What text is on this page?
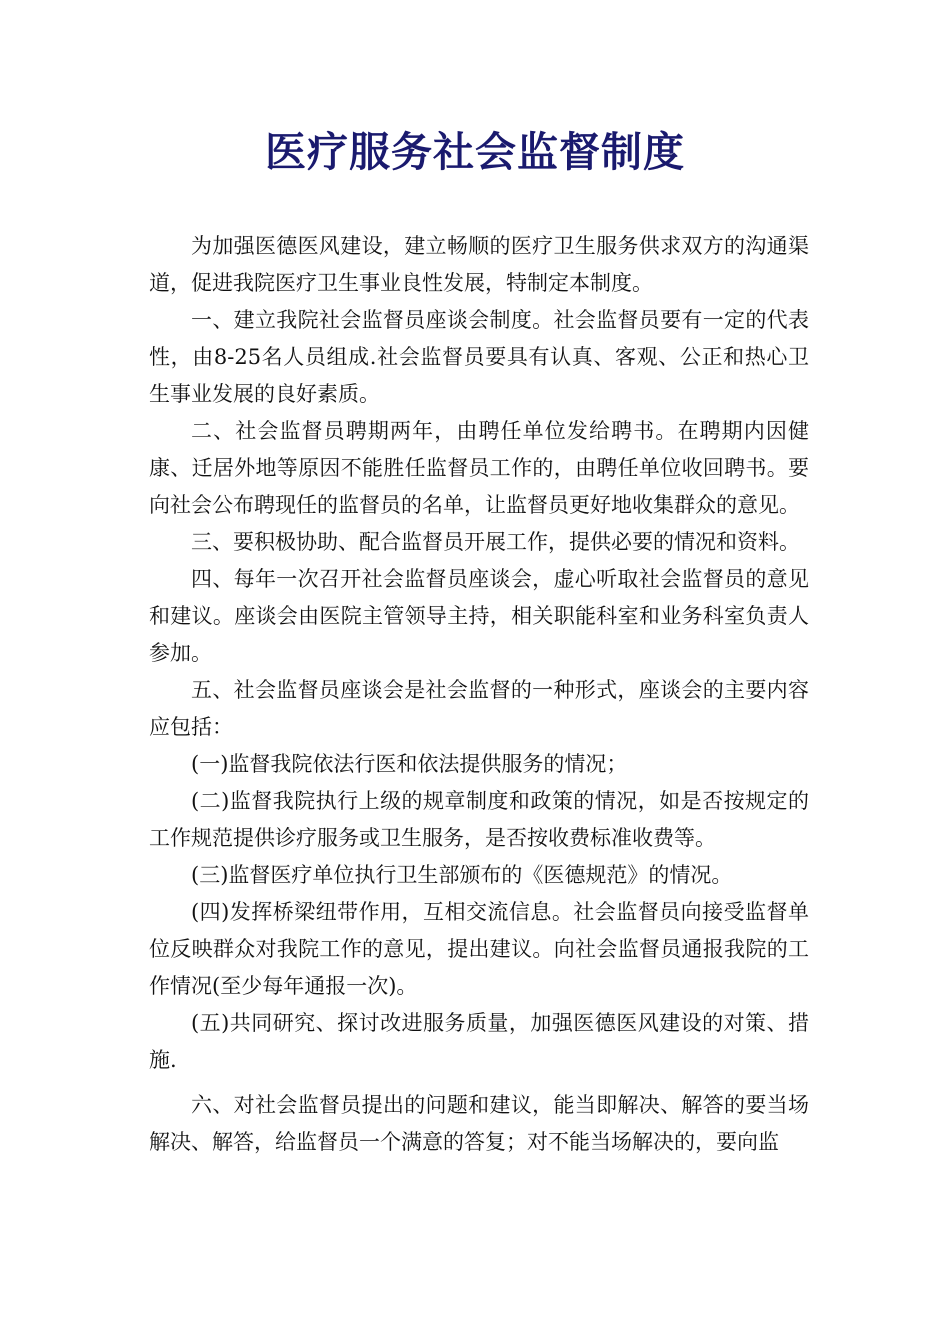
医疗服务社会监督制度

为加强医德医风建设，建立畅顺的医疗卫生服务供求双方的沟通渠道，促进我院医疗卫生事业良性发展，特制定本制度。

一、建立我院社会监督员座谈会制度。社会监督员要有一定的代表性，由8-25名人员组成.社会监督员要具有认真、客观、公正和热心卫生事业发展的良好素质。

二、社会监督员聘期两年，由聘任单位发给聘书。在聘期内因健康、迁居外地等原因不能胜任监督员工作的，由聘任单位收回聘书。要向社会公布聘现任的监督员的名单，让监督员更好地收集群众的意见。

三、要积极协助、配合监督员开展工作，提供必要的情况和资料。

四、每年一次召开社会监督员座谈会，虚心听取社会监督员的意见和建议。座谈会由医院主管领导主持，相关职能科室和业务科室负责人参加。

五、社会监督员座谈会是社会监督的一种形式，座谈会的主要内容应包括：

(一)监督我院依法行医和依法提供服务的情况；

(二)监督我院执行上级的规章制度和政策的情况，如是否按规定的工作规范提供诊疗服务或卫生服务，是否按收费标准收费等。

(三)监督医疗单位执行卫生部颁布的《医德规范》的情况。

(四)发挥桥梁纽带作用，互相交流信息。社会监督员向接受监督单位反映群众对我院工作的意见，提出建议。向社会监督员通报我院的工作情况(至少每年通报一次)。

(五)共同研究、探讨改进服务质量，加强医德医风建设的对策、措施.

六、对社会监督员提出的问题和建议，能当即解决、解答的要当场解决、解答，给监督员一个满意的答复；对不能当场解决的，要向监
